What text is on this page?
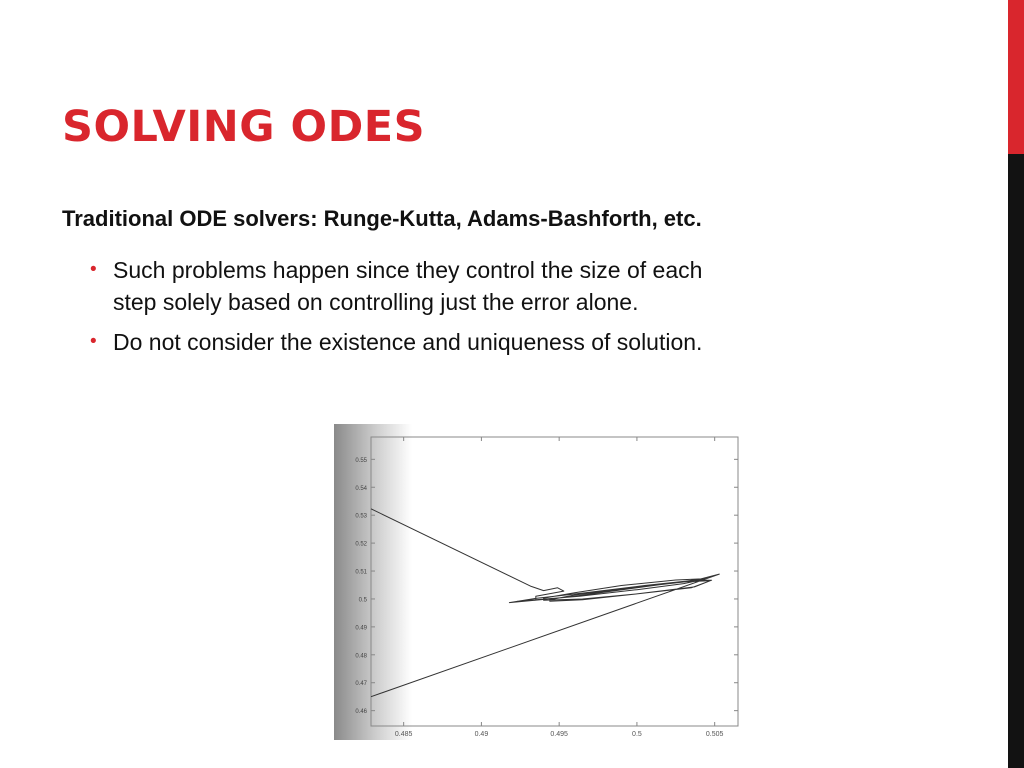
SOLVING ODES

Traditional ODE solvers: Runge-Kutta, Adams-Bashforth, etc.

• Such problems happen since they control the size of each
step solely based on controlling just the error alone.
• Do not consider the existence and uniqueness of solution.
0.485	0.49	0.495	0.5	0.505
0.55
0.54
0.53
0.52
0.51
0.5
0.49
0.48
0.47
0.46
